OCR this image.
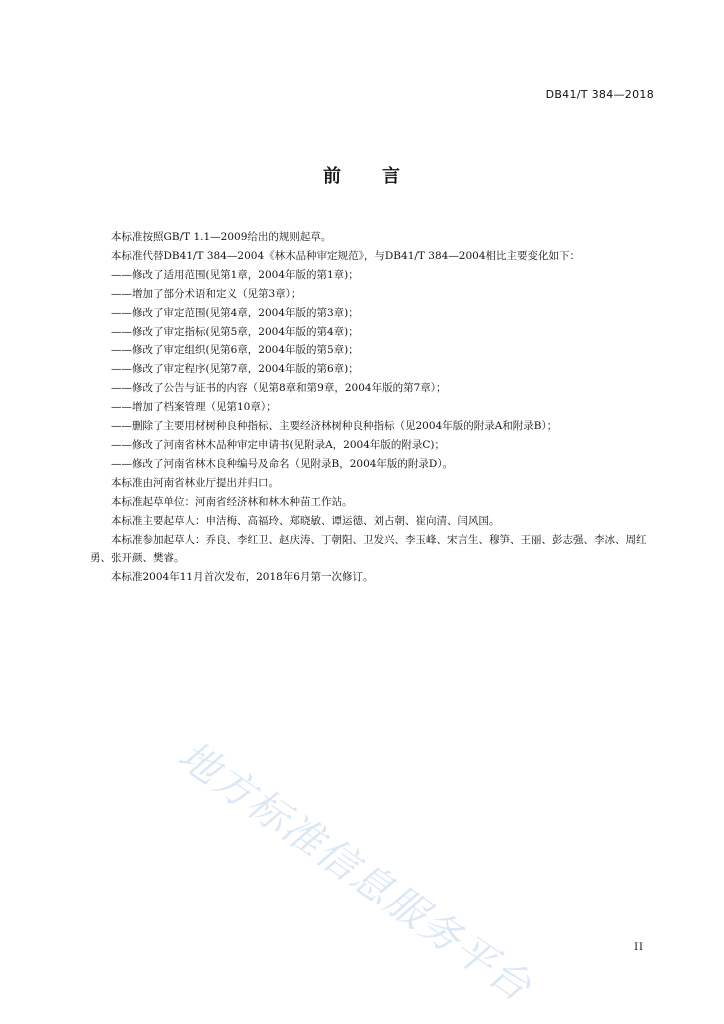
DB41/T 384—2018
前 言

本标准按照GB/T 1.1—2009给出的规则起草。

本标准代替DB41/T 384—2004《林木品种审定规范》，与DB41/T 384—2004相比主要变化如下：

——修改了适用范围(见第1章，2004年版的第1章)；

——增加了部分术语和定义（见第3章）；

——修改了审定范围(见第4章，2004年版的第3章)；

——修改了审定指标(见第5章，2004年版的第4章)；

——修改了审定组织(见第6章，2004年版的第5章)；

——修改了审定程序(见第7章，2004年版的第6章)；

——修改了公告与证书的内容（见第8章和第9章，2004年版的第7章）；

——增加了档案管理（见第10章）；

——删除了主要用材树种良种指标、主要经济林树种良种指标（见2004年版的附录A和附录B）；

——修改了河南省林木品种审定申请书(见附录A，2004年版的附录C)；

——修改了河南省林木良种编号及命名（见附录B，2004年版的附录D）。

本标准由河南省林业厅提出并归口。

本标准起草单位：河南省经济林和林木种苗工作站。

本标准主要起草人：申洁梅、高福玲、郑晓敏、谭运德、刘占朝、崔向清、闫风国。

本标准参加起草人：乔良、李红卫、赵庆涛、丁朝阳、卫发兴、李玉峰、宋言生、穆笋、王丽、彭志强、李冰、周红勇、张开颜、樊睿。

本标准2004年11月首次发布，2018年6月第一次修订。

地方标准信息服务平台	II
